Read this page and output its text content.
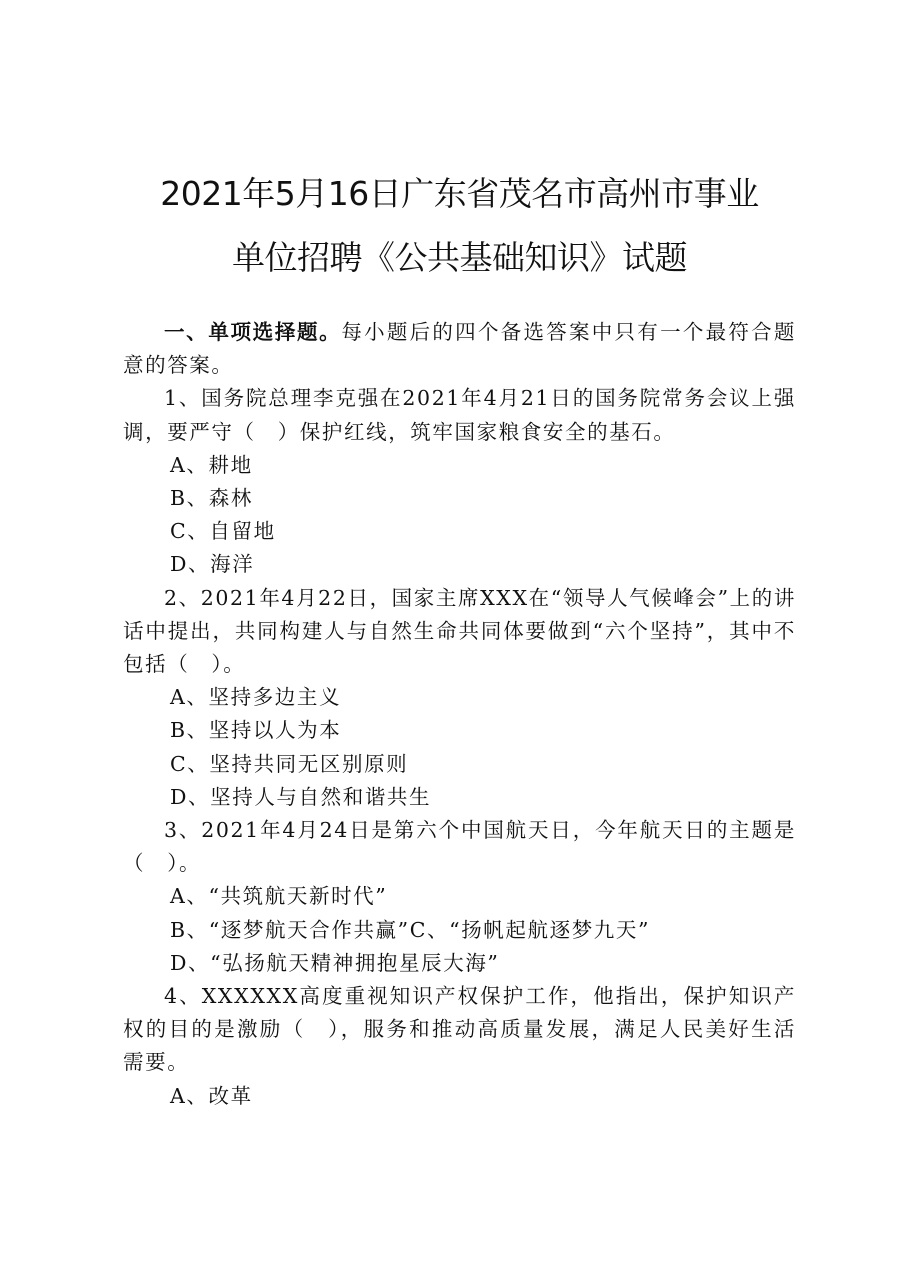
2021年5月16日广东省茂名市高州市事业
单位招聘《公共基础知识》试题

一、单项选择题。每小题后的四个备选答案中只有一个最符合题意的答案。

1、国务院总理李克强在2021年4月21日的国务院常务会议上强调，要严守（　）保护红线，筑牢国家粮食安全的基石。

A、耕地

B、森林

C、自留地

D、海洋

2、2021年4月22日，国家主席XXX在“领导人气候峰会”上的讲话中提出，共同构建人与自然生命共同体要做到“六个坚持”，其中不包括（　）。

A、坚持多边主义

B、坚持以人为本

C、坚持共同无区别原则

D、坚持人与自然和谐共生

3、2021年4月24日是第六个中国航天日，今年航天日的主题是（　）。

A、“共筑航天新时代”

B、“逐梦航天合作共赢”C、“扬帆起航逐梦九天”

D、“弘扬航天精神拥抱星辰大海”

4、XXXXXX高度重视知识产权保护工作，他指出，保护知识产权的目的是激励（　），服务和推动高质量发展，满足人民美好生活需要。

A、改革
